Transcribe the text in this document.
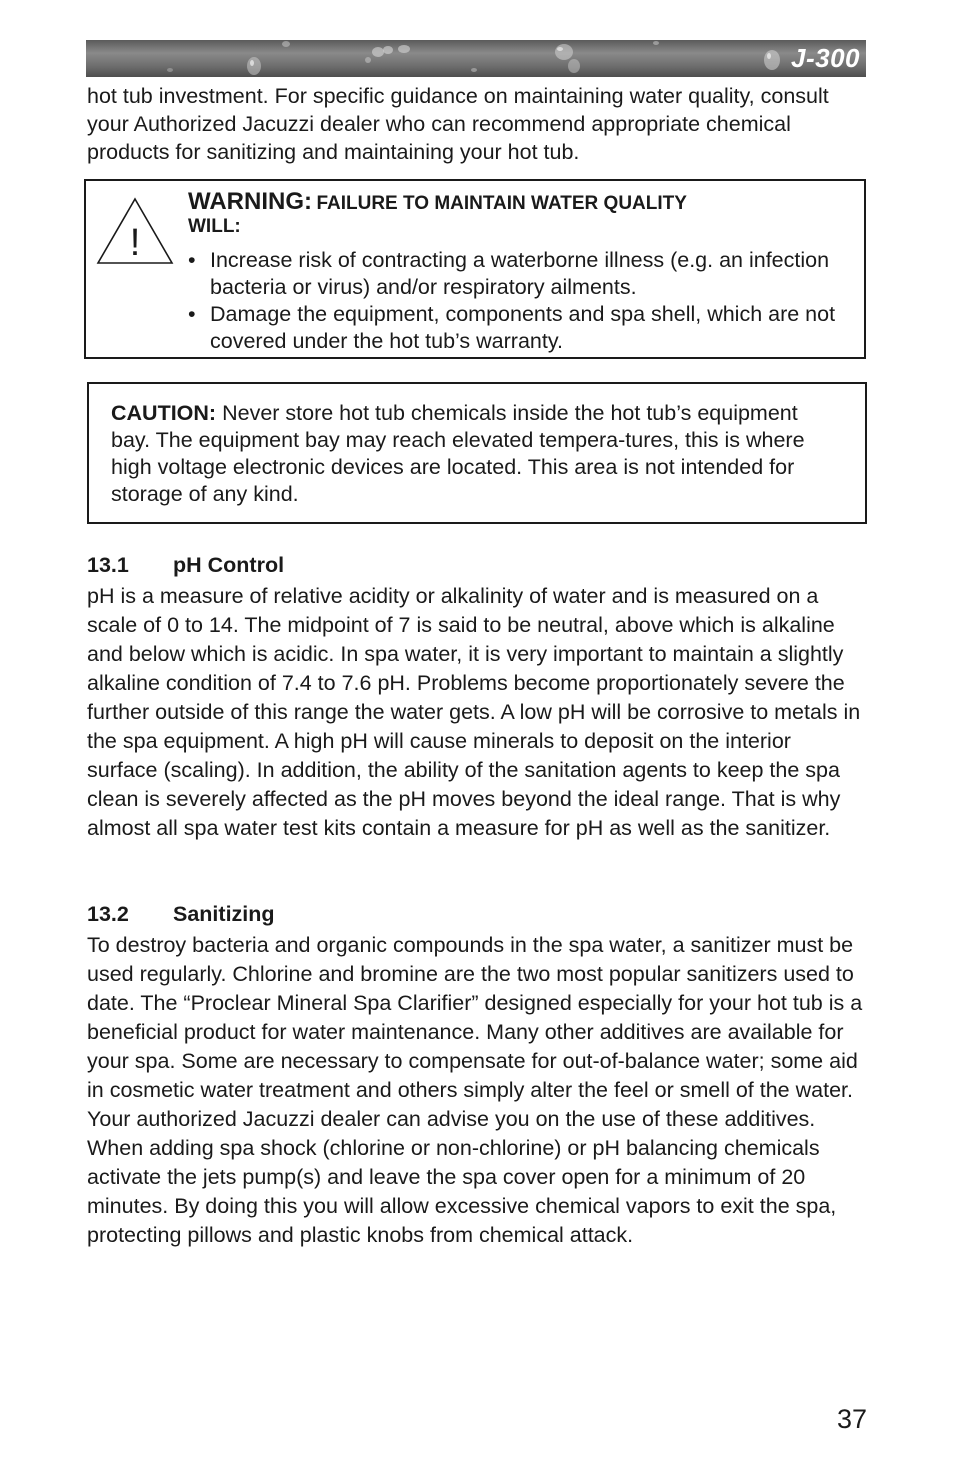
J-300

hot tub investment. For specific guidance on maintaining water quality, consult your Authorized Jacuzzi dealer who can recommend appropriate chemical products for sanitizing and maintaining your hot tub.

!
WARNING: FAILURE TO MAINTAIN WATER QUALITY
WILL:
• Increase risk of contracting a waterborne illness (e.g. an infection bacteria or virus) and/or respiratory ailments.
• Damage the equipment, components and spa shell, which are not covered under the hot tub’s warranty.

CAUTION: Never store hot tub chemicals inside the hot tub’s equipment bay. The equipment bay may reach elevated tempera-tures, this is where high voltage electronic devices are located. This area is not intended for storage of any kind.

13.1 pH Control

pH is a measure of relative acidity or alkalinity of water and is measured on a scale of 0 to 14. The midpoint of 7 is said to be neutral, above which is alkaline and below which is acidic. In spa water, it is very important to maintain a slightly alkaline condition of 7.4 to 7.6 pH. Problems become proportionately severe the further outside of this range the water gets. A low pH will be corrosive to metals in the spa equipment. A high pH will cause minerals to deposit on the interior surface (scaling). In addition, the ability of the sanitation agents to keep the spa clean is severely affected as the pH moves beyond the ideal range. That is why almost all spa water test kits contain a measure for pH as well as the sanitizer.

13.2 Sanitizing

To destroy bacteria and organic compounds in the spa water, a sanitizer must be used regularly. Chlorine and bromine are the two most popular sanitizers used to date. The “Proclear Mineral Spa Clarifier” designed especially for your hot tub is a beneficial product for water maintenance. Many other additives are available for your spa. Some are necessary to compensate for out-of-balance water; some aid in cosmetic water treatment and others simply alter the feel or smell of the water. Your authorized Jacuzzi dealer can advise you on the use of these additives. When adding spa shock (chlorine or non-chlorine) or pH balancing chemicals activate the jets pump(s) and leave the spa cover open for a minimum of 20 minutes. By doing this you will allow excessive chemical vapors to exit the spa, protecting pillows and plastic knobs from chemical attack.

37
